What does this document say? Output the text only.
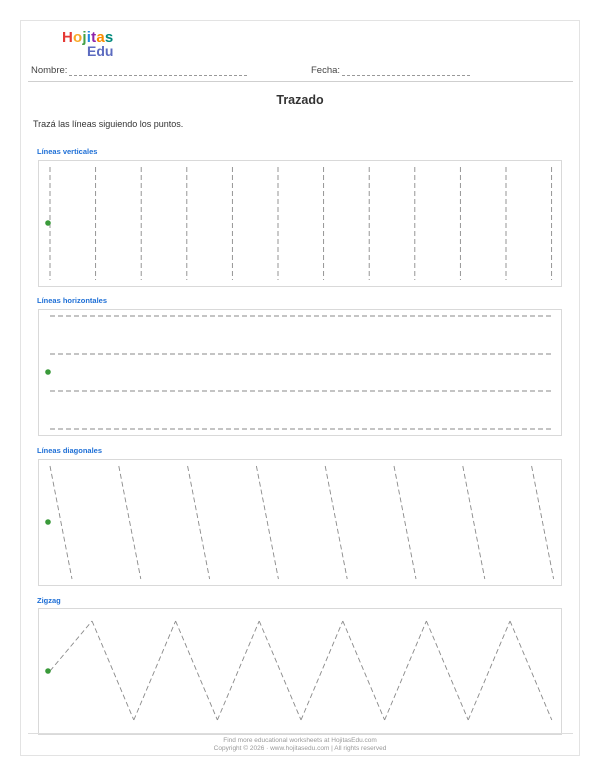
Hojitas
Edu
Nombre:	Fecha:
Trazado
Trazá las líneas siguiendo los puntos.
Líneas verticales
Líneas horizontales
Líneas diagonales
Zigzag
Find more educational worksheets at HojitasEdu.com
Copyright © 2026 · www.hojitasedu.com | All rights reserved
